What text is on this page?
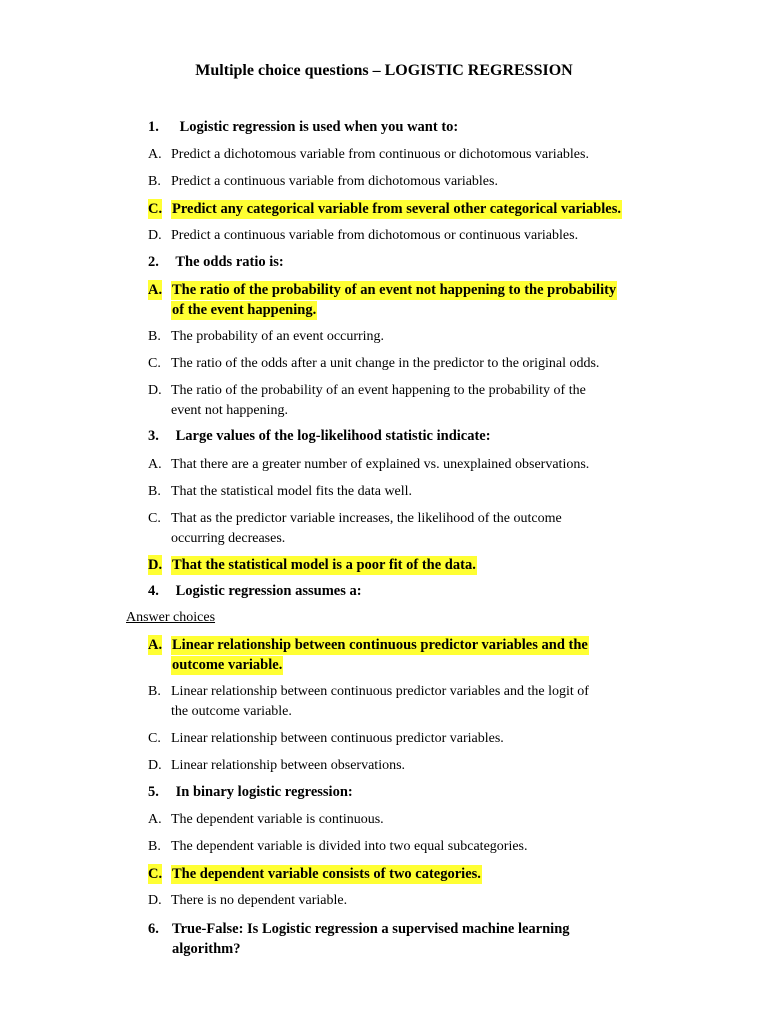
Multiple choice questions – LOGISTIC REGRESSION
1. Logistic regression is used when you want to:
A. Predict a dichotomous variable from continuous or dichotomous variables.
B. Predict a continuous variable from dichotomous variables.
C. Predict any categorical variable from several other categorical variables.
D. Predict a continuous variable from dichotomous or continuous variables.
2. The odds ratio is:
A. The ratio of the probability of an event not happening to the probability
of the event happening.
B. The probability of an event occurring.
C. The ratio of the odds after a unit change in the predictor to the original odds.
D. The ratio of the probability of an event happening to the probability of the
event not happening.
3. Large values of the log-likelihood statistic indicate:
A. That there are a greater number of explained vs. unexplained observations.
B. That the statistical model fits the data well.
C. That as the predictor variable increases, the likelihood of the outcome
occurring decreases.
D. That the statistical model is a poor fit of the data.
4. Logistic regression assumes a:
Answer choices
A. Linear relationship between continuous predictor variables and the
outcome variable.
B. Linear relationship between continuous predictor variables and the logit of
the outcome variable.
C. Linear relationship between continuous predictor variables.
D. Linear relationship between observations.
5. In binary logistic regression:
A. The dependent variable is continuous.
B. The dependent variable is divided into two equal subcategories.
C. The dependent variable consists of two categories.
D. There is no dependent variable.
6. True-False: Is Logistic regression a supervised machine learning
algorithm?
